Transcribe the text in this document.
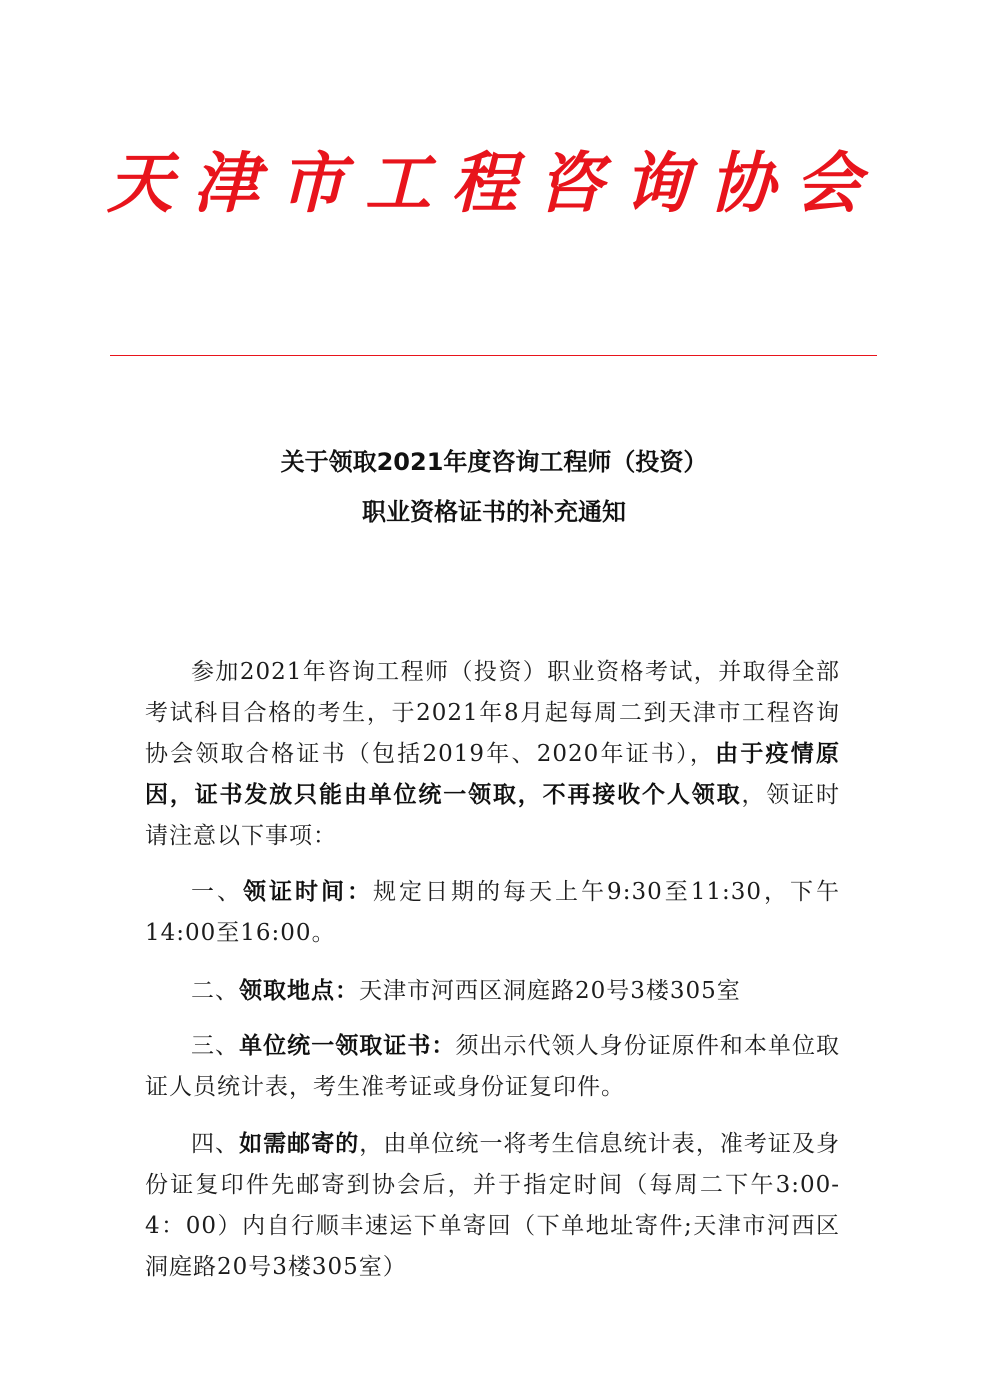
天津市工程咨询协会
关于领取2021年度咨询工程师（投资）
职业资格证书的补充通知

参加2021年咨询工程师（投资）职业资格考试，并取得全部考试科目合格的考生，于2021年8月起每周二到天津市工程咨询协会领取合格证书（包括2019年、2020年证书），由于疫情原因，证书发放只能由单位统一领取，不再接收个人领取，领证时请注意以下事项：

一、领证时间：规定日期的每天上午9:30至11:30，下午14:00至16:00。

二、领取地点：天津市河西区洞庭路20号3楼305室

三、单位统一领取证书：须出示代领人身份证原件和本单位取证人员统计表，考生准考证或身份证复印件。

四、如需邮寄的，由单位统一将考生信息统计表，准考证及身份证复印件先邮寄到协会后，并于指定时间（每周二下午3:00-4：00）内自行顺丰速运下单寄回（下单地址寄件;天津市河西区洞庭路20号3楼305室）
